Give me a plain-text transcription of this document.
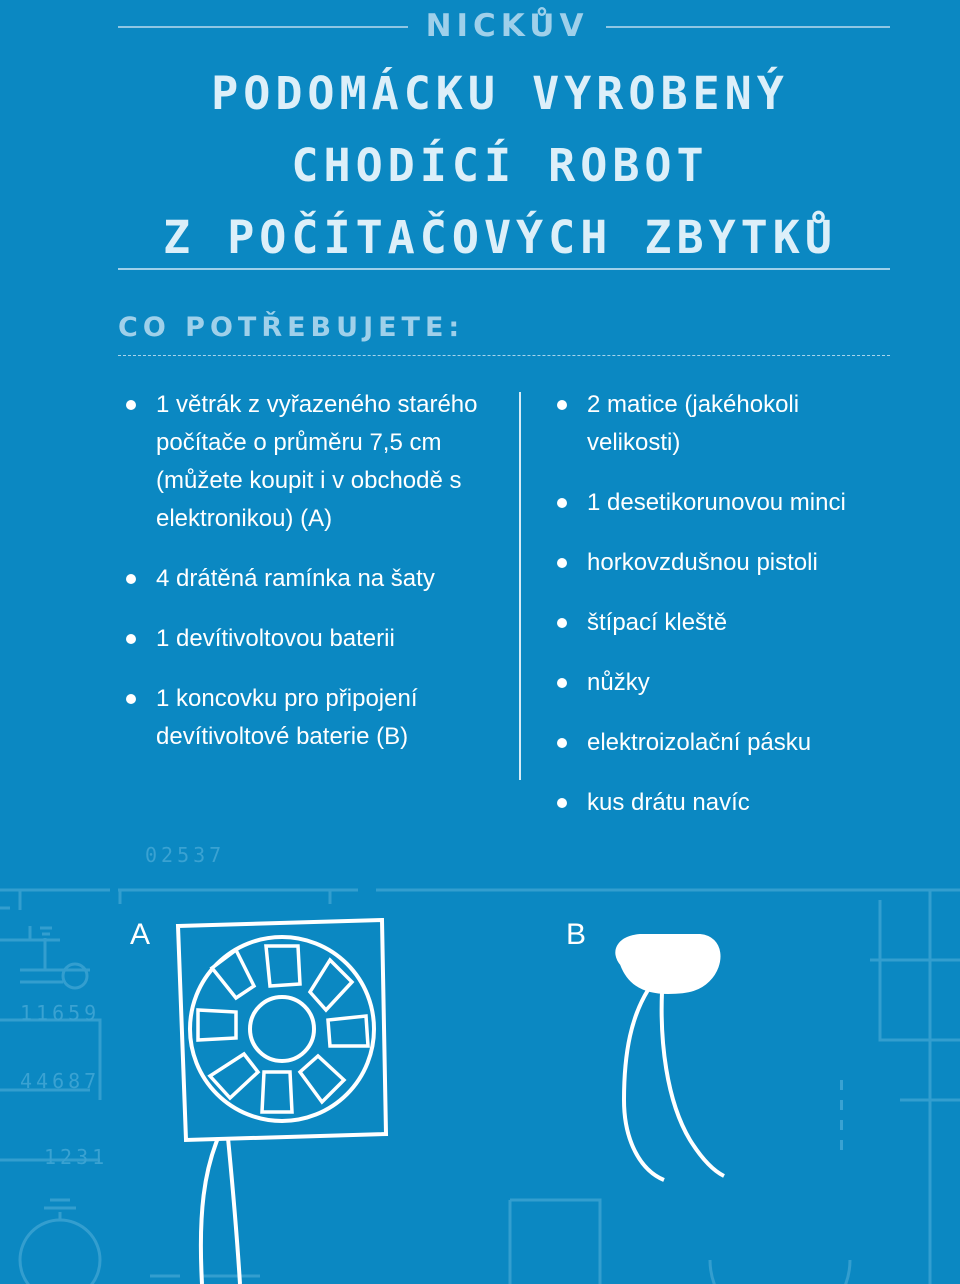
NICKŮV
PODOMÁCKU VYROBENÝ
CHODÍCÍ ROBOT
Z POČÍTAČOVÝCH ZBYTKŮ
CO POTŘEBUJETE:
1 větrák z vyřazeného starého počítače o průměru 7,5 cm (můžete koupit i v obchodě s elektronikou) (A)
4 drátěná ramínka na šaty
1 devítivoltovou baterii
1 koncovku pro připojení devítivoltové baterie (B)
2 matice (jakéhokoli velikosti)
1 desetikorunovou minci
horkovzdušnou pistoli
štípací kleště
nůžky
elektroizolační pásku
kus drátu navíc
02537
11659
44687
1231
A	B
